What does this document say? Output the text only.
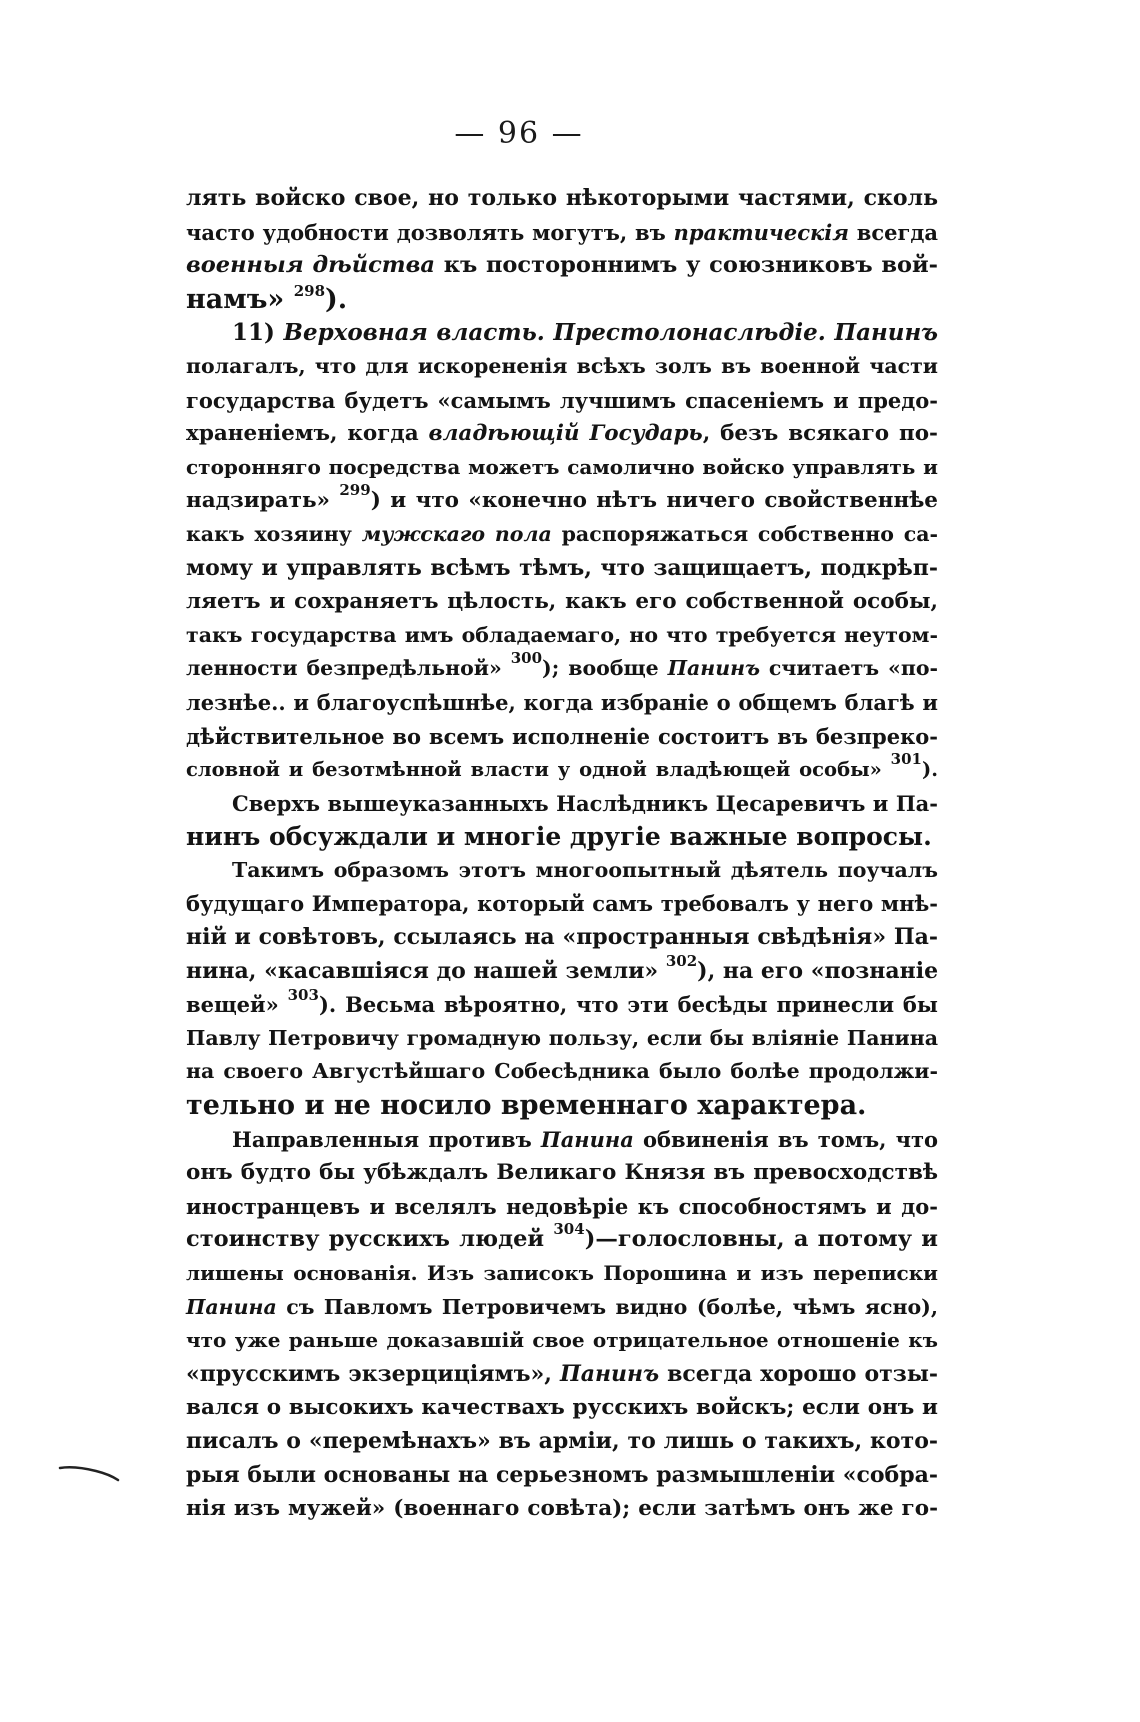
— 96 —
лять войско свое, но только нѣкоторыми частями, сколь
часто удобности дозволять могутъ, въ практическія всегда
военныя дѣйства къ постороннимъ у союзниковъ вой-
намъ» $^{298}$).
11) Верховная власть. Престолонаслѣдіе. Панинъ
полагалъ, что для искорененія всѣхъ золъ въ военной части
государства будетъ «самымъ лучшимъ спасеніемъ и предо-
храненіемъ, когда владѣющій Государь, безъ всякаго по-
сторонняго посредства можетъ самолично войско управлять и
надзирать» $^{299}$) и что «конечно нѣтъ ничего свойственнѣе
какъ хозяину мужскаго пола распоряжаться собственно са-
мому и управлять всѣмъ тѣмъ, что защищаетъ, подкрѣп-
ляетъ и сохраняетъ цѣлость, какъ его собственной особы,
такъ государства имъ обладаемаго, но что требуется неутом-
ленности безпредѣльной» $^{300}$); вообще Панинъ считаетъ «по-
лезнѣе.. и благоуспѣшнѣе, когда избраніе о общемъ благѣ и
дѣйствительное во всемъ исполненіе состоитъ въ безпреко-
словной и безотмѣнной власти у одной владѣющей особы» $^{301}$).
Сверхъ вышеуказанныхъ Наслѣдникъ Цесаревичъ и Па-
нинъ обсуждали и многіе другіе важные вопросы.
Такимъ образомъ этотъ многоопытный дѣятель поучалъ
будущаго Императора, который самъ требовалъ у него мнѣ-
ній и совѣтовъ, ссылаясь на «пространныя свѣдѣнія» Па-
нина, «касавшіяся до нашей земли» $^{302}$), на его «познаніе
вещей» $^{303}$). Весьма вѣроятно, что эти бесѣды принесли бы
Павлу Петровичу громадную пользу, если бы вліяніе Панина
на своего Августѣйшаго Собесѣдника было болѣе продолжи-
тельно и не носило временнаго характера.
Направленныя противъ Панина обвиненія въ томъ, что
онъ будто бы убѣждалъ Великаго Князя въ превосходствѣ
иностранцевъ и вселялъ недовѣріе къ способностямъ и до-
стоинству русскихъ людей $^{304}$)—голословны, а потому и
лишены основанія. Изъ записокъ Порошина и изъ переписки
Панина съ Павломъ Петровичемъ видно (болѣе, чѣмъ ясно),
что уже раньше доказавшій свое отрицательное отношеніе къ
«прусскимъ экзерциціямъ», Панинъ всегда хорошо отзы-
вался о высокихъ качествахъ русскихъ войскъ; если онъ и
писалъ о «перемѣнахъ» въ арміи, то лишь о такихъ, кото-
рыя были основаны на серьезномъ размышленіи «собра-
нія изъ мужей» (военнаго совѣта); если затѣмъ онъ же го-
